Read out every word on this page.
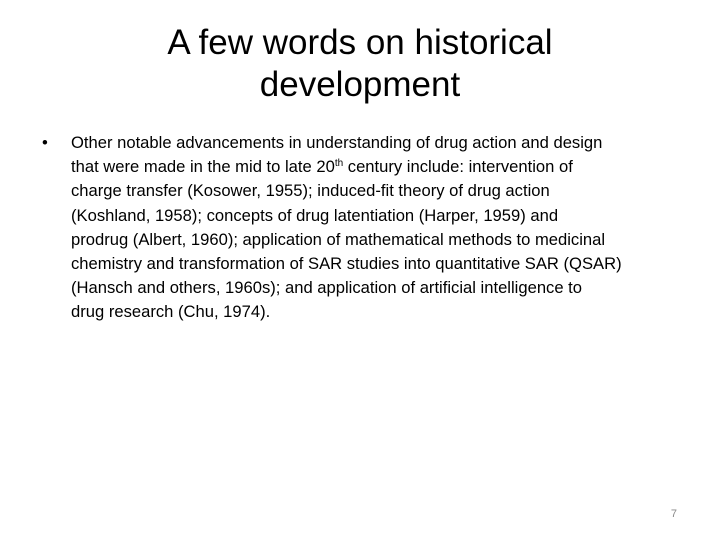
A few words on historical
development
• Other notable advancements in understanding of drug action and design
that were made in the mid to late 20th century include: intervention of
charge transfer (Kosower, 1955); induced-fit theory of drug action
(Koshland, 1958); concepts of drug latentiation (Harper, 1959) and
prodrug (Albert, 1960); application of mathematical methods to medicinal
chemistry and transformation of SAR studies into quantitative SAR (QSAR)
(Hansch and others, 1960s); and application of artificial intelligence to
drug research (Chu, 1974).
7
